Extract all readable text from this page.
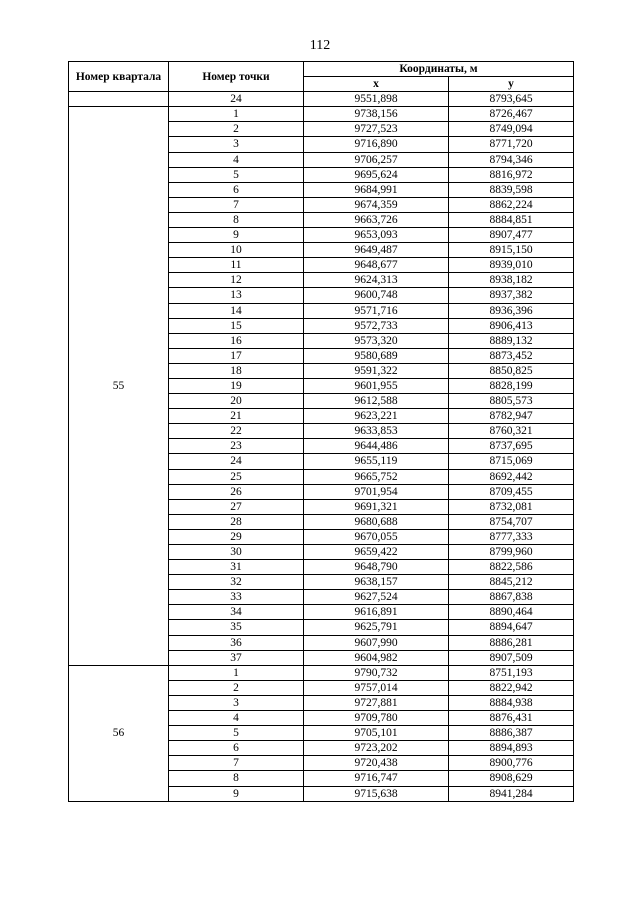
112
Номер квартала	Номер точки	Координаты, м	
		x	y
	24	9551,898	8793,645
55	1	9738,156	8726,467
	2	9727,523	8749,094
	3	9716,890	8771,720
	4	9706,257	8794,346
	5	9695,624	8816,972
	6	9684,991	8839,598
	7	9674,359	8862,224
	8	9663,726	8884,851
	9	9653,093	8907,477
	10	9649,487	8915,150
	11	9648,677	8939,010
	12	9624,313	8938,182
	13	9600,748	8937,382
	14	9571,716	8936,396
	15	9572,733	8906,413
	16	9573,320	8889,132
	17	9580,689	8873,452
	18	9591,322	8850,825
	19	9601,955	8828,199
	20	9612,588	8805,573
	21	9623,221	8782,947
	22	9633,853	8760,321
	23	9644,486	8737,695
	24	9655,119	8715,069
	25	9665,752	8692,442
	26	9701,954	8709,455
	27	9691,321	8732,081
	28	9680,688	8754,707
	29	9670,055	8777,333
	30	9659,422	8799,960
	31	9648,790	8822,586
	32	9638,157	8845,212
	33	9627,524	8867,838
	34	9616,891	8890,464
	35	9625,791	8894,647
	36	9607,990	8886,281
	37	9604,982	8907,509
56	1	9790,732	8751,193
	2	9757,014	8822,942
	3	9727,881	8884,938
	4	9709,780	8876,431
	5	9705,101	8886,387
	6	9723,202	8894,893
	7	9720,438	8900,776
	8	9716,747	8908,629
	9	9715,638	8941,284
